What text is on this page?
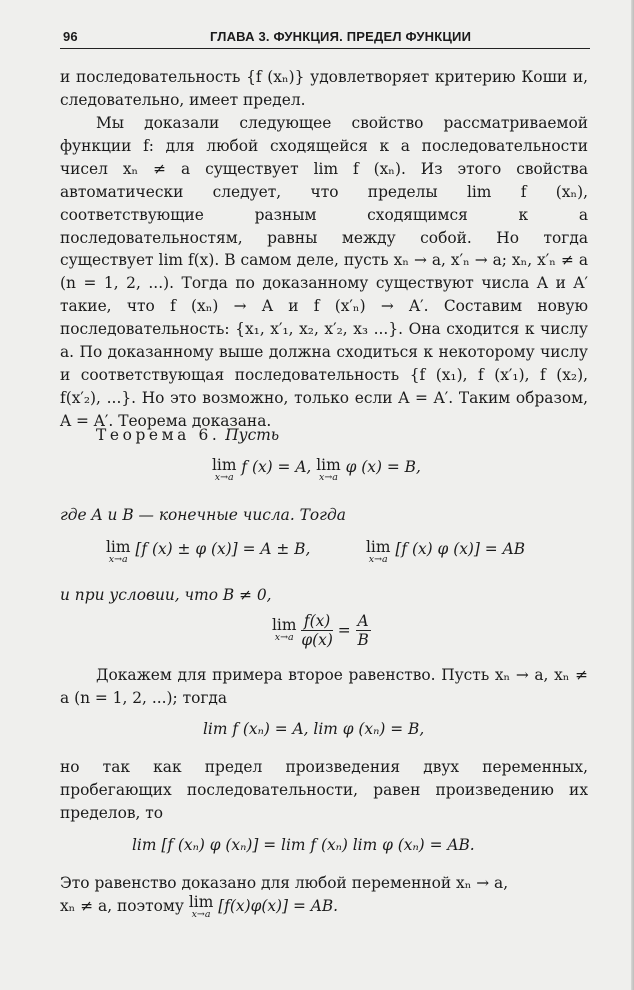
96	ГЛАВА 3. ФУНКЦИЯ. ПРЕДЕЛ ФУНКЦИИ
и последовательность {f (xₙ)} удовлетворяет критерию Коши и, следовательно, имеет предел.
Мы доказали следующее свойство рассматриваемой функции f: для любой сходящейся к a последовательности чисел xₙ ≠ a существует lim f (xₙ). Из этого свойства автоматически следует, что пределы lim f (xₙ), соответствующие разным сходящимся к a последовательностям, равны между собой. Но тогда существует lim f(x). В самом деле, пусть xₙ → a, x′ₙ → a; xₙ, x′ₙ ≠ a (n = 1, 2, ...). Тогда по доказанному существуют числа A и A′ такие, что f (xₙ) → A и f (x′ₙ) → A′. Составим новую последовательность: {x₁, x′₁, x₂, x′₂, x₃ ...}. Она сходится к числу a. По доказанному выше должна сходиться к некоторому числу и соответствующая последовательность {f (x₁), f (x′₁), f (x₂), f(x′₂), ...}. Но это возможно, только если A = A′. Таким образом, A = A′. Теорема доказана.
Теорема 6. Пусть
lim
x→a
f (x) = A, lim
x→a
φ (x) = B,
где A и B — конечные числа. Тогда
lim
x→a
[f (x) ± φ (x)] = A ± B,	lim
x→a
[f (x) φ (x)] = AB
и при условии, что B ≠ 0,
lim
x→a
$\frac{f(x)}{\varphi(x)} = \frac{A}{B}$
Докажем для примера второе равенство. Пусть xₙ → a, xₙ ≠ a (n = 1, 2, ...); тогда
lim f (xₙ) = A, lim φ (xₙ) = B,
но так как предел произведения двух переменных, пробегающих последовательности, равен произведению их пределов, то
lim [f (xₙ) φ (xₙ)] = lim f (xₙ) lim φ (xₙ) = AB.
Это равенство доказано для любой переменной xₙ → a,
xₙ ≠ a, поэтому lim
x→a [f(x)φ(x)] = AB.
